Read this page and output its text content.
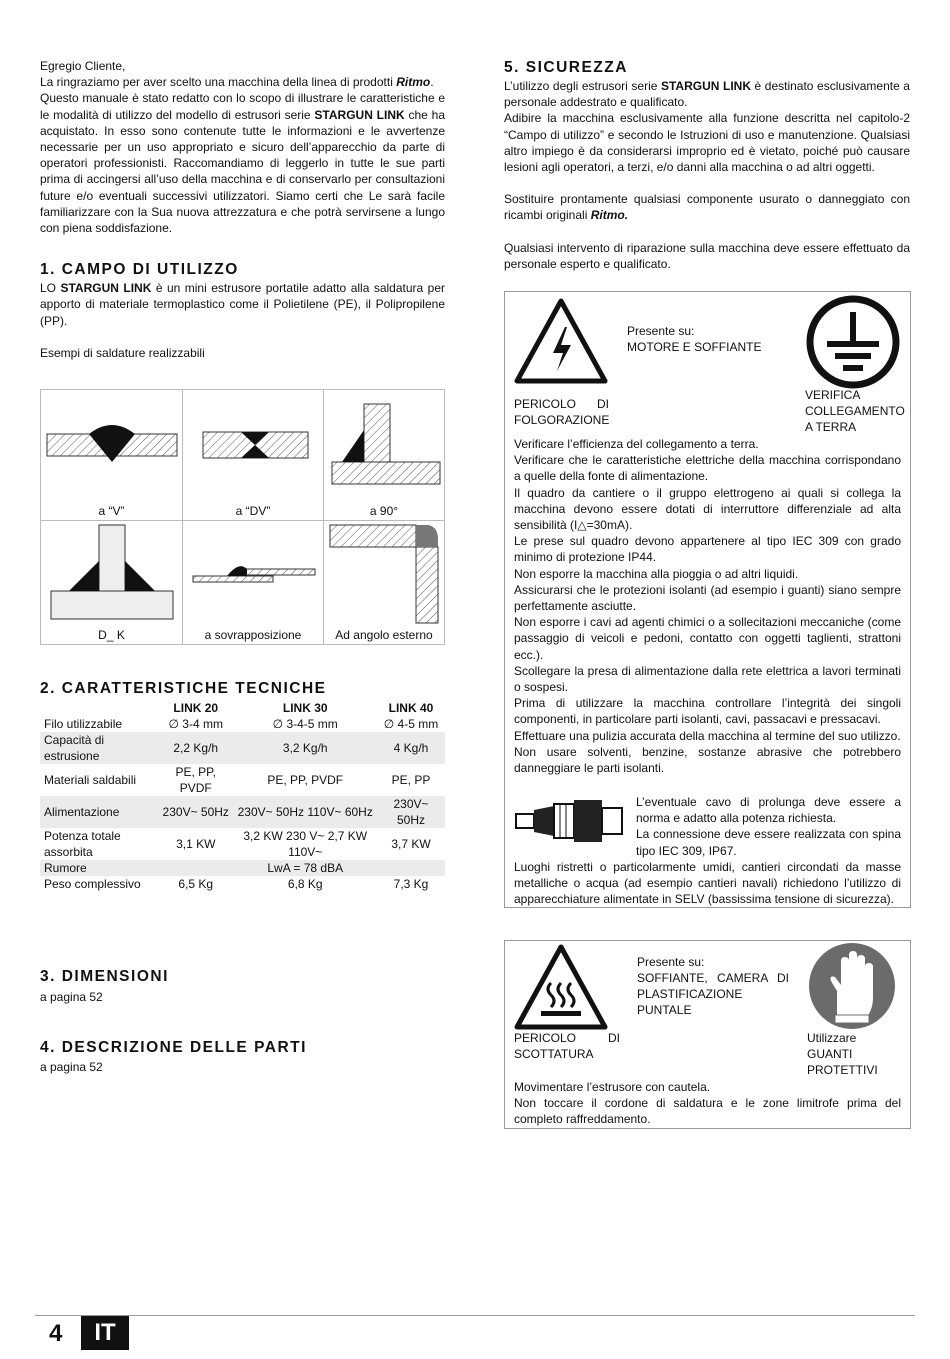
Egregio Cliente,

La ringraziamo per aver scelto una macchina della linea di prodotti Ritmo.

Questo manuale è stato redatto con lo scopo di illustrare le caratteristiche e le modalità di utilizzo del modello di estrusori serie STARGUN LINK che ha acquistato. In esso sono contenute tutte le informazioni e le avvertenze necessarie per un uso appropriato e sicuro dell’apparecchio da parte di operatori professionisti. Raccomandiamo di leggerlo in tutte le sue parti prima di accingersi all’uso della macchina e di conservarlo per consultazioni future e/o eventuali successivi utilizzatori. Siamo certi che Le sarà facile familiarizzare con la Sua nuova attrezzatura e che potrà servirsene a lungo con piena soddisfazione.

1. CAMPO DI UTILIZZO

LO STARGUN LINK è un mini estrusore portatile adatto alla saldatura per apporto di materiale termoplastico come il Polietilene (PE), il Polipropilene (PP).

Esempi di saldature realizzabili

a “V”	a “DV”	a 90°
D_ K	a sovrapposizione	Ad angolo esterno
2. CARATTERISTICHE TECNICHE
	LINK 20	LINK 30	LINK 40
Filo utilizzabile	∅ 3-4 mm	∅ 3-4-5 mm	∅ 4-5 mm
Capacità di estrusione	2,2 Kg/h	3,2 Kg/h	4 Kg/h
Materiali saldabili	PE, PP, PVDF	PE, PP, PVDF	PE, PP
Alimentazione	230V~ 50Hz	230V~ 50Hz 110V~ 60Hz	230V~ 50Hz
Potenza totale assorbita	3,1 KW	3,2 KW 230 V~ 2,7 KW 110V~	3,7 KW
Rumore		LwA = 78 dBA	
Peso complessivo	6,5 Kg	6,8 Kg	7,3 Kg
3. DIMENSIONI

a pagina 52

4. DESCRIZIONE DELLE PARTI

a pagina 52

5. SICUREZZA

L’utilizzo degli estrusori serie STARGUN LINK è destinato esclusivamente a personale addestrato e qualificato.

Adibire la macchina esclusivamente alla funzione descritta nel capitolo-2 “Campo di utilizzo” e secondo le Istruzioni di uso e manutenzione. Qualsiasi altro impiego è da considerarsi improprio ed è vietato, poiché può causare lesioni agli operatori, a terzi, e/o danni alla macchina o ad altri oggetti.

Sostituire prontamente qualsiasi componente usurato o danneggiato con ricambi originali Ritmo.

Qualsiasi intervento di riparazione sulla macchina deve essere effettuato da personale esperto e qualificato.

Presente su:
MOTORE E SOFFIANTE
PERICOLO DI FOLGORAZIONE
VERIFICA COLLEGAMENTO A TERRA

Verificare l’efficienza del collegamento a terra.
Verificare che le caratteristiche elettriche della macchina corrispondano a quelle della fonte di alimentazione.
Il quadro da cantiere o il gruppo elettrogeno ai quali si collega la macchina devono essere dotati di interruttore differenziale ad alta sensibilità (I△=30mA).
Le prese sul quadro devono appartenere al tipo IEC 309 con grado minimo di protezione IP44.
Non esporre la macchina alla pioggia o ad altri liquidi.
Assicurarsi che le protezioni isolanti (ad esempio i guanti) siano sempre perfettamente asciutte.
Non esporre i cavi ad agenti chimici o a sollecitazioni meccaniche (come passaggio di veicoli e pedoni, contatto con oggetti taglienti, strattoni ecc.).
Scollegare la presa di alimentazione dalla rete elettrica a lavori terminati o sospesi.
Prima di utilizzare la macchina controllare l’integrità dei singoli componenti, in particolare parti isolanti, cavi, passacavi e pressacavi.
Effettuare una pulizia accurata della macchina al termine del suo utilizzo.
Non usare solventi, benzine, sostanze abrasive che potrebbero danneggiare le parti isolanti.

L’eventuale cavo di prolunga deve essere a norma e adatto alla potenza richiesta.
La connessione deve essere realizzata con spina tipo IEC 309, IP67.

Luoghi ristretti o particolarmente umidi, cantieri circondati da masse metalliche o acqua (ad esempio cantieri navali) richiedono l’utilizzo di apparecchiature alimentate in SELV (bassissima tensione di sicurezza).

Presente su:
SOFFIANTE, CAMERA DI PLASTIFICAZIONE PUNTALE
PERICOLO DI SCOTTATURA
Utilizzare GUANTI PROTETTIVI

Movimentare l’estrusore con cautela.
Non toccare il cordone di saldatura e le zone limitrofe prima del completo raffreddamento.

4	IT
